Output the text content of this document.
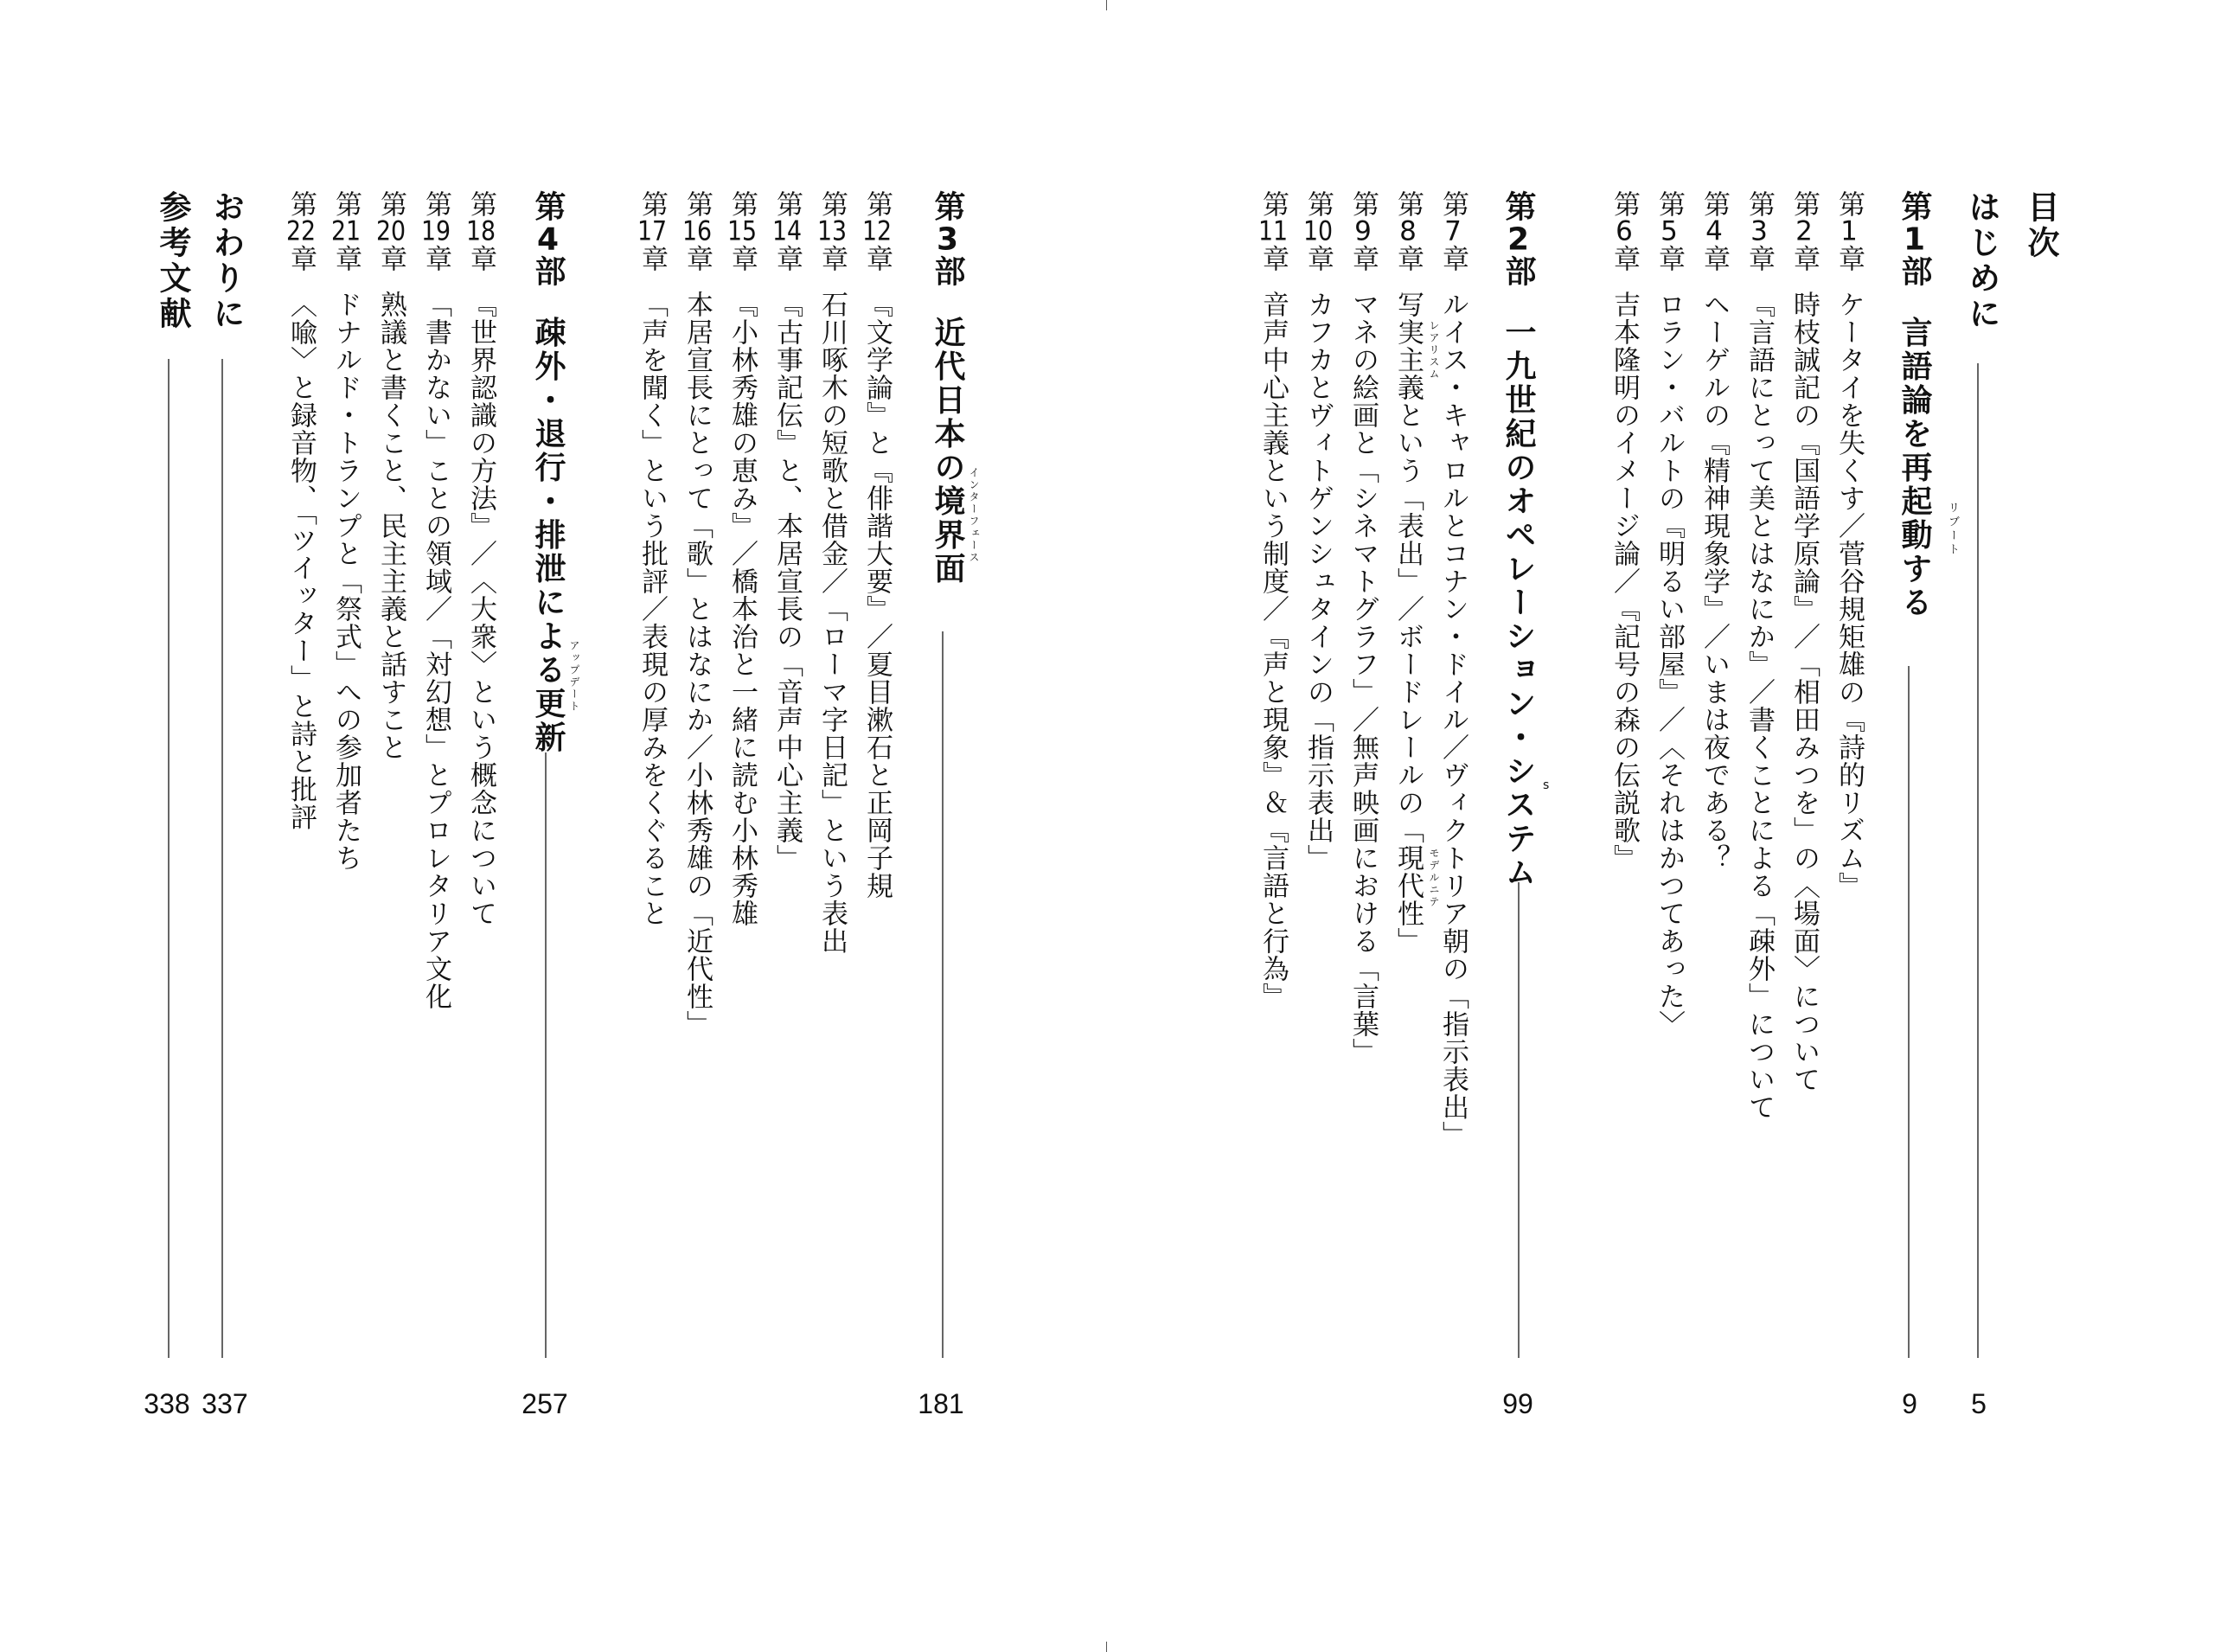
目次
はじめに
5
第1部 言語論を再起動する	リブート
9
第1章ケータイを失くす／菅谷規矩雄の『詩的リズム』
第2章時枝誠記の『国語学原論』／「相田みつを」の〈場面〉について
第3章『言語にとって美とはなにか』／書くことによる「疎外」について
第4章ヘーゲルの『精神現象学』／いまは夜である？
第5章ロラン・バルトの『明るい部屋』／〈それはかつてあった〉
第6章吉本隆明のイメージ論／『記号の森の伝説歌』
第2部 一九世紀のオペレーション・システム s
99
第7章ルイス・キャロルとコナン・ドイル／ヴィクトリア朝の「指示表出」
第8章写実主義という「表出」／ボードレールの「現代性」 レアリスム
モデルニテ
第9章マネの絵画と「シネマトグラフ」／無声映画における「言葉」
第10章カフカとヴィトゲンシュタインの「指示表出」
第11章音声中心主義という制度／『声と現象』＆『言語と行為』
第3部 近代日本の境界面 インターフェース
181
第12章『文学論』と『俳諧大要』／夏目漱石と正岡子規
第13章石川啄木の短歌と借金／「ローマ字日記」という表出
第14章『古事記伝』と、本居宣長の「音声中心主義」
第15章『小林秀雄の恵み』／橋本治と一緒に読む小林秀雄
第16章本居宣長にとって「歌」とはなにか／小林秀雄の「近代性」
第17章「声を聞く」という批評／表現の厚みをくぐること
第4部 疎外・退行・排泄による更新 アップデート
257
第18章『世界認識の方法』／〈大衆〉という概念について
第19章「書かない」ことの領域／「対幻想」とプロレタリア文化
第20章熟議と書くこと、民主主義と話すこと
第21章ドナルド・トランプと「祭式」への参加者たち
第22章〈喩〉と録音物、「ツイッター」と詩と批評
おわりに
337
参考文献
338
